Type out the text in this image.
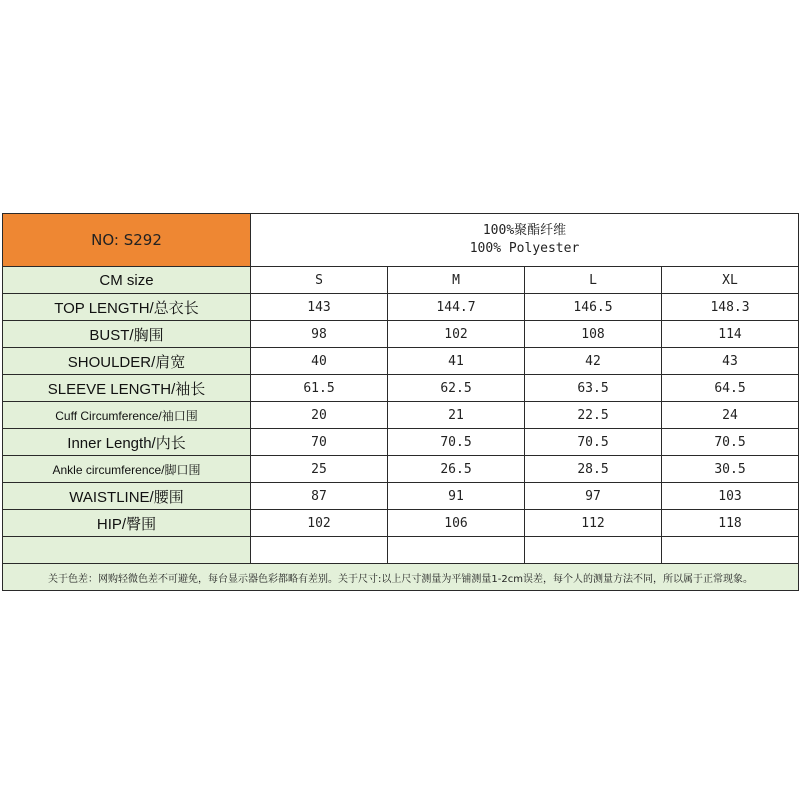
NO: S292	100%聚酯纤维
100% Polyester			

CM size	S	M	L	XL
TOP LENGTH/总衣长	143	144.7	146.5	148.3
BUST/胸围	98	102	108	114
SHOULDER/肩宽	40	41	42	43
SLEEVE LENGTH/袖长	61.5	62.5	63.5	64.5
Cuff Circumference/袖口围	20	21	22.5	24
Inner Length/内长	70	70.5	70.5	70.5
Ankle circumference/脚口围	25	26.5	28.5	30.5
WAISTLINE/腰围	87	91	97	103
HIP/臀围	102	106	112	118

关于色差：网购轻微色差不可避免，每台显示器色彩都略有差别。关于尺寸:以上尺寸测量为平铺测量1-2cm误差，每个人的测量方法不同，所以属于正常现象。				
